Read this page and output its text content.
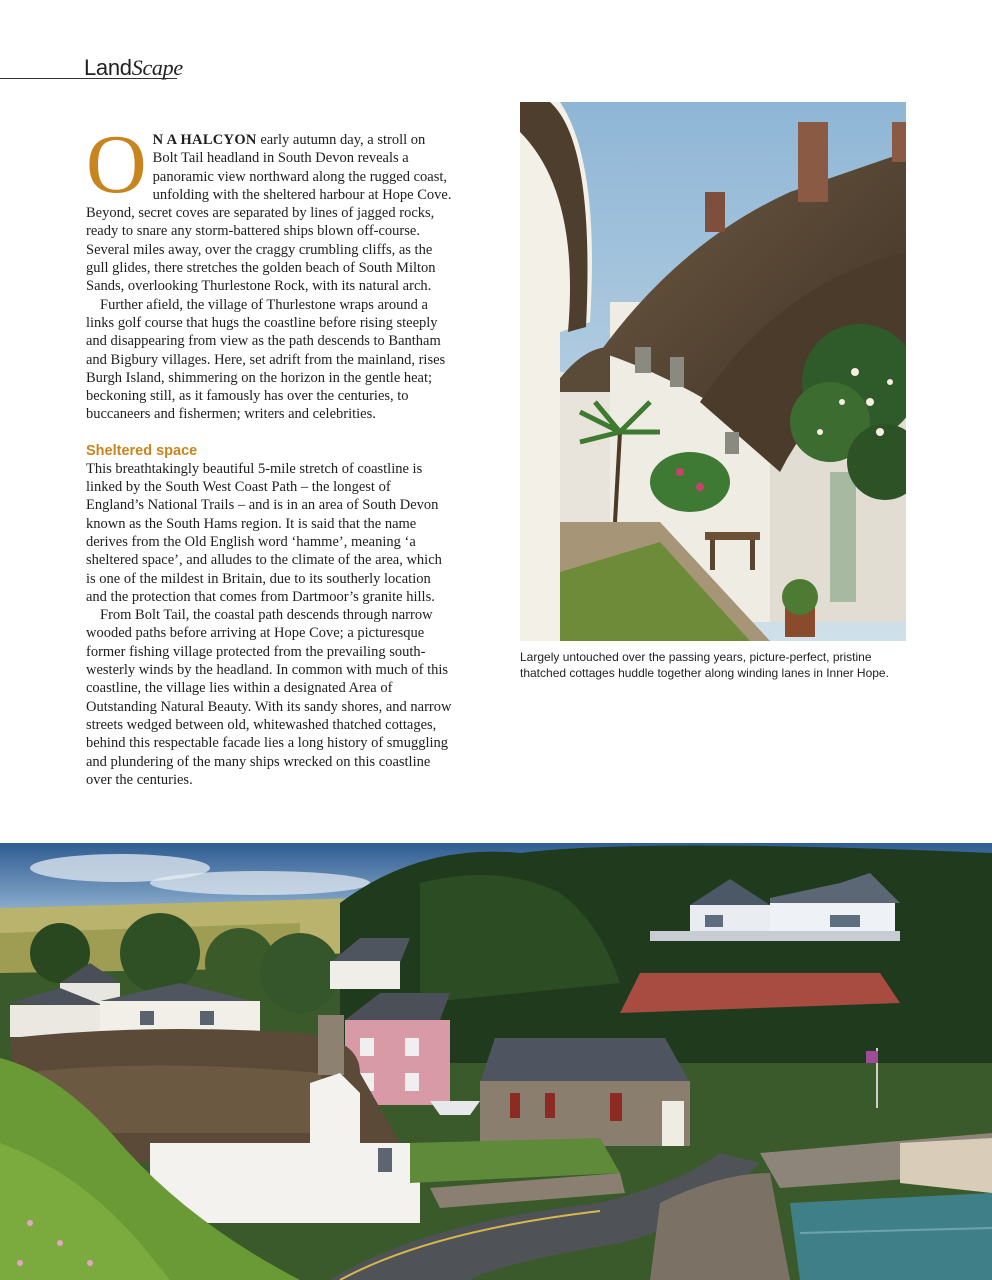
LandScape

O N A HALCYON early autumn day, a stroll on Bolt Tail headland in South Devon reveals a panoramic view northward along the rugged coast, unfolding with the sheltered harbour at Hope Cove. Beyond, secret coves are separated by lines of jagged rocks, ready to snare any storm-battered ships blown off-course. Several miles away, over the craggy crumbling cliffs, as the gull glides, there stretches the golden beach of South Milton Sands, overlooking Thurlestone Rock, with its natural arch.

Further afield, the village of Thurlestone wraps around a links golf course that hugs the coastline before rising steeply and disappearing from view as the path descends to Bantham and Bigbury villages. Here, set adrift from the mainland, rises Burgh Island, shimmering on the horizon in the gentle heat; beckoning still, as it famously has over the centuries, to buccaneers and fishermen; writers and celebrities.

Sheltered space

This breathtakingly beautiful 5-mile stretch of coastline is linked by the South West Coast Path – the longest of England’s National Trails – and is in an area of South Devon known as the South Hams region. It is said that the name derives from the Old English word ‘hamme’, meaning ‘a sheltered space’, and alludes to the climate of the area, which is one of the mildest in Britain, due to its southerly location and the protection that comes from Dartmoor’s granite hills.

From Bolt Tail, the coastal path descends through narrow wooded paths before arriving at Hope Cove; a picturesque former fishing village protected from the prevailing south-westerly winds by the headland. In common with much of this coastline, the village lies within a designated Area of Outstanding Natural Beauty. With its sandy shores, and narrow streets wedged between old, whitewashed thatched cottages, behind this respectable facade lies a long history of smuggling and plundering of the many ships wrecked on this coastline over the centuries.

Largely untouched over the passing years, picture-perfect, pristine thatched cottages huddle together along winding lanes in Inner Hope.
